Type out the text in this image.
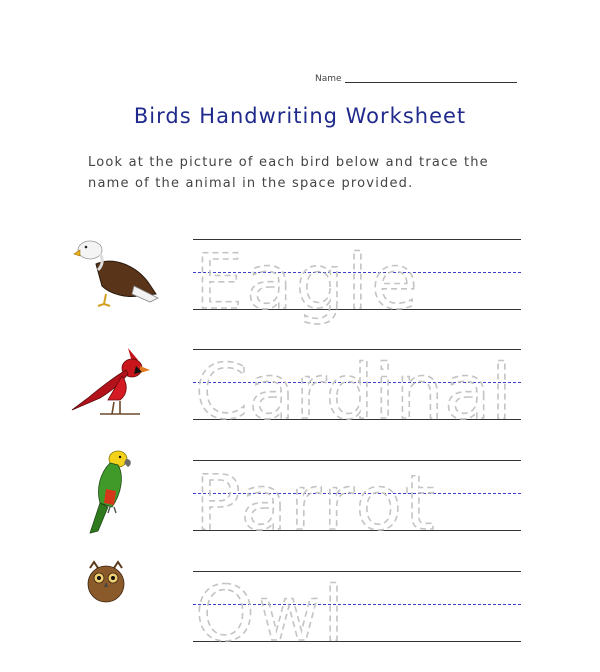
Name
Birds Handwriting Worksheet
Look at the picture of each bird below and trace the name of the animal in the space provided.
Eagle
Cardinal
Parrot
Owl
